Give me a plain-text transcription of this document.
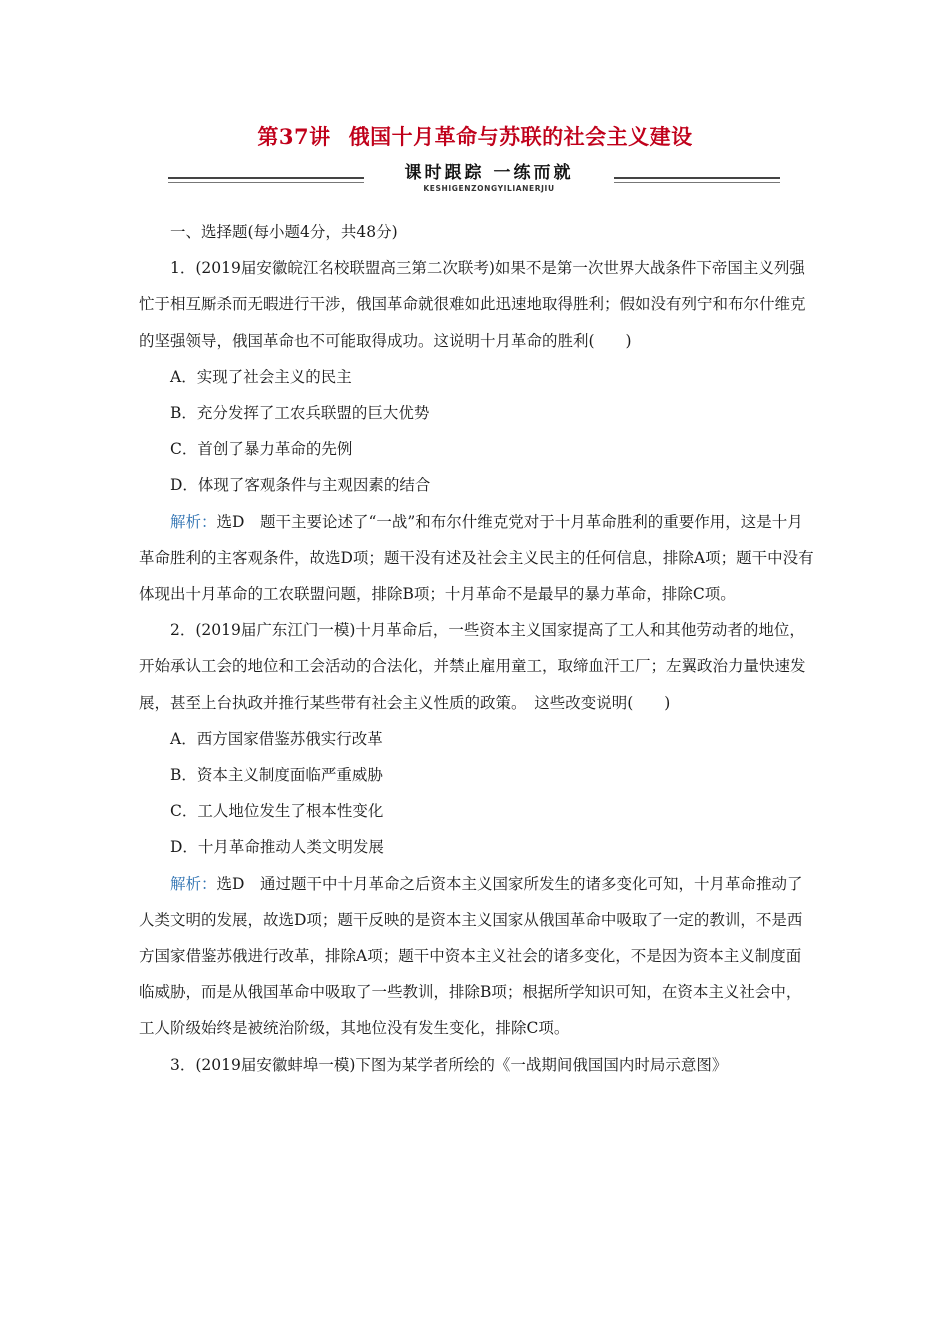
第37讲 俄国十月革命与苏联的社会主义建设
课时跟踪 一练而就
KESHIGENZONGYILIANERJIU

一、选择题(每小题4分，共48分)

1．(2019届安徽皖江名校联盟高三第二次联考)如果不是第一次世界大战条件下帝国主义列强忙于相互厮杀而无暇进行干涉，俄国革命就很难如此迅速地取得胜利；假如没有列宁和布尔什维克的坚强领导，俄国革命也不可能取得成功。这说明十月革命的胜利(　　)

A．实现了社会主义的民主

B．充分发挥了工农兵联盟的巨大优势

C．首创了暴力革命的先例

D．体现了客观条件与主观因素的结合

解析：选D　题干主要论述了“一战”和布尔什维克党对于十月革命胜利的重要作用，这是十月革命胜利的主客观条件，故选D项；题干没有述及社会主义民主的任何信息，排除A项；题干中没有体现出十月革命的工农联盟问题，排除B项；十月革命不是最早的暴力革命，排除C项。

2．(2019届广东江门一模)十月革命后，一些资本主义国家提高了工人和其他劳动者的地位，开始承认工会的地位和工会活动的合法化，并禁止雇用童工，取缔血汗工厂；左翼政治力量快速发展，甚至上台执政并推行某些带有社会主义性质的政策。　这些改变说明(　　)

A．西方国家借鉴苏俄实行改革

B．资本主义制度面临严重威胁

C．工人地位发生了根本性变化

D．十月革命推动人类文明发展

解析：选D　通过题干中十月革命之后资本主义国家所发生的诸多变化可知，十月革命推动了人类文明的发展，故选D项；题干反映的是资本主义国家从俄国革命中吸取了一定的教训，不是西方国家借鉴苏俄进行改革，排除A项；题干中资本主义社会的诸多变化，不是因为资本主义制度面临威胁，而是从俄国革命中吸取了一些教训，排除B项；根据所学知识可知，在资本主义社会中，工人阶级始终是被统治阶级，其地位没有发生变化，排除C项。

3．(2019届安徽蚌埠一模)下图为某学者所绘的《一战期间俄国国内时局示意图》
